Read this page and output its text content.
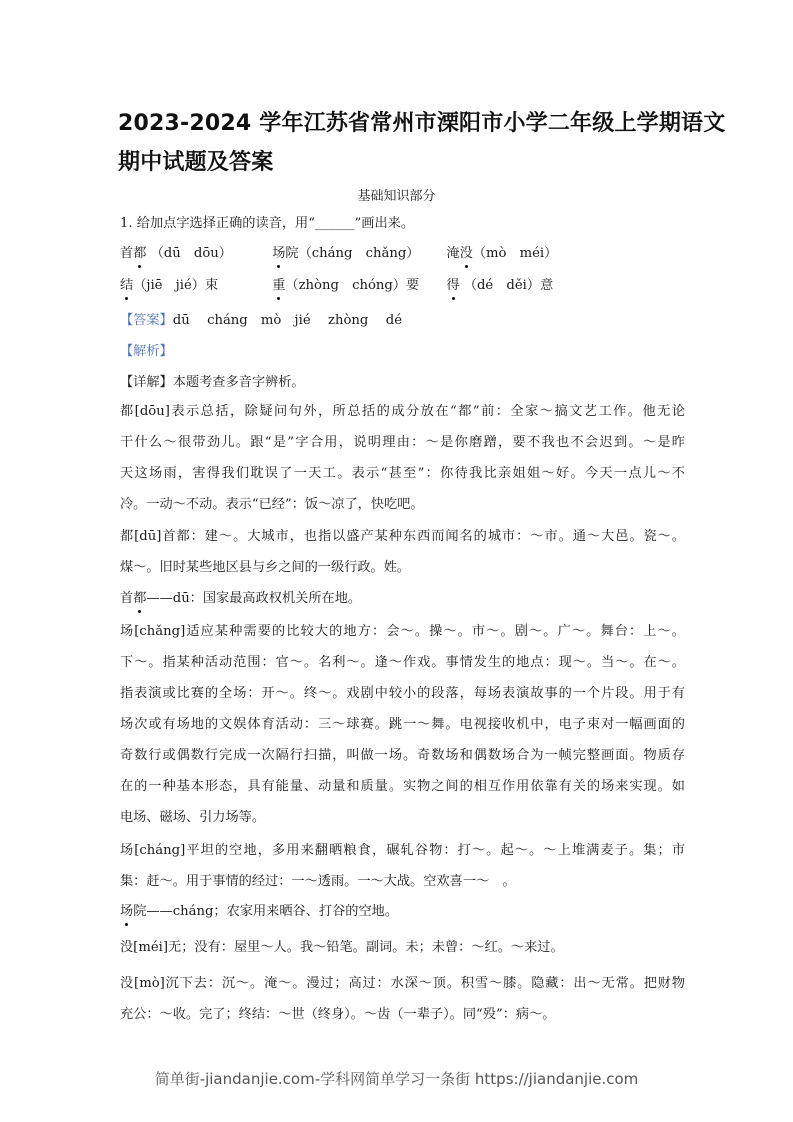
2023-2024 学年江苏省常州市溧阳市小学二年级上学期语文
期中试题及答案
基础知识部分
1. 给加点字选择正确的读音，用“______”画出来。
首都 （dū　dōu）	场院（cháng　chǎng） 淹没（mò　méi）
结（jiē　jié）束	重（zhòng　chóng）要 得 （dé　děi）意
【答案】dū　 cháng　mò　jié　 zhòng　 dé
【解析】
【详解】本题考查多音字辨析。
都[dōu]表示总括，除疑问句外，所总括的成分放在“都”前：全家～搞文艺工作。他无论
干什么～很带劲儿。跟“是”字合用，说明理由：～是你磨蹭，要不我也不会迟到。～是昨
天这场雨，害得我们耽误了一天工。表示“甚至”：你待我比亲姐姐～好。今天一点儿～不
冷。一动～不动。表示“已经”：饭～凉了，快吃吧。
都[dū]首都：建～。大城市，也指以盛产某种东西而闻名的城市：～市。通～大邑。瓷～。
煤～。旧时某些地区县与乡之间的一级行政。姓。
首都——dū：国家最高政权机关所在地。
场[chǎng]适应某种需要的比较大的地方：会～。操～。市～。剧～。广～。舞台：上～。
下～。指某种活动范围：官～。名利～。逢～作戏。事情发生的地点：现～。当～。在～。
指表演或比赛的全场：开～。终～。戏剧中较小的段落，每场表演故事的一个片段。用于有
场次或有场地的文娱体育活动：三～球赛。跳一～舞。电视接收机中，电子束对一幅画面的
奇数行或偶数行完成一次隔行扫描，叫做一场。奇数场和偶数场合为一帧完整画面。物质存
在的一种基本形态，具有能量、动量和质量。实物之间的相互作用依靠有关的场来实现。如
电场、磁场、引力场等。
场[cháng]平坦的空地，多用来翻晒粮食，碾轧谷物：打～。起～。～上堆满麦子。集；市
集：赶～。用于事情的经过：一～透雨。一～大战。空欢喜一～　。
场院——cháng；农家用来晒谷、打谷的空地。
没[méi]无；没有：屋里～人。我～铅笔。副词。未；未曾：～红。～来过。
没[mò]沉下去：沉～。淹～。漫过；高过：水深～顶。积雪～膝。隐藏：出～无常。把财物
充公：～收。完了；终结：～世（终身）。～齿（一辈子）。同“殁”：病～。
简单街-jiandanjie.com-学科网简单学习一条街 https://jiandanjie.com
